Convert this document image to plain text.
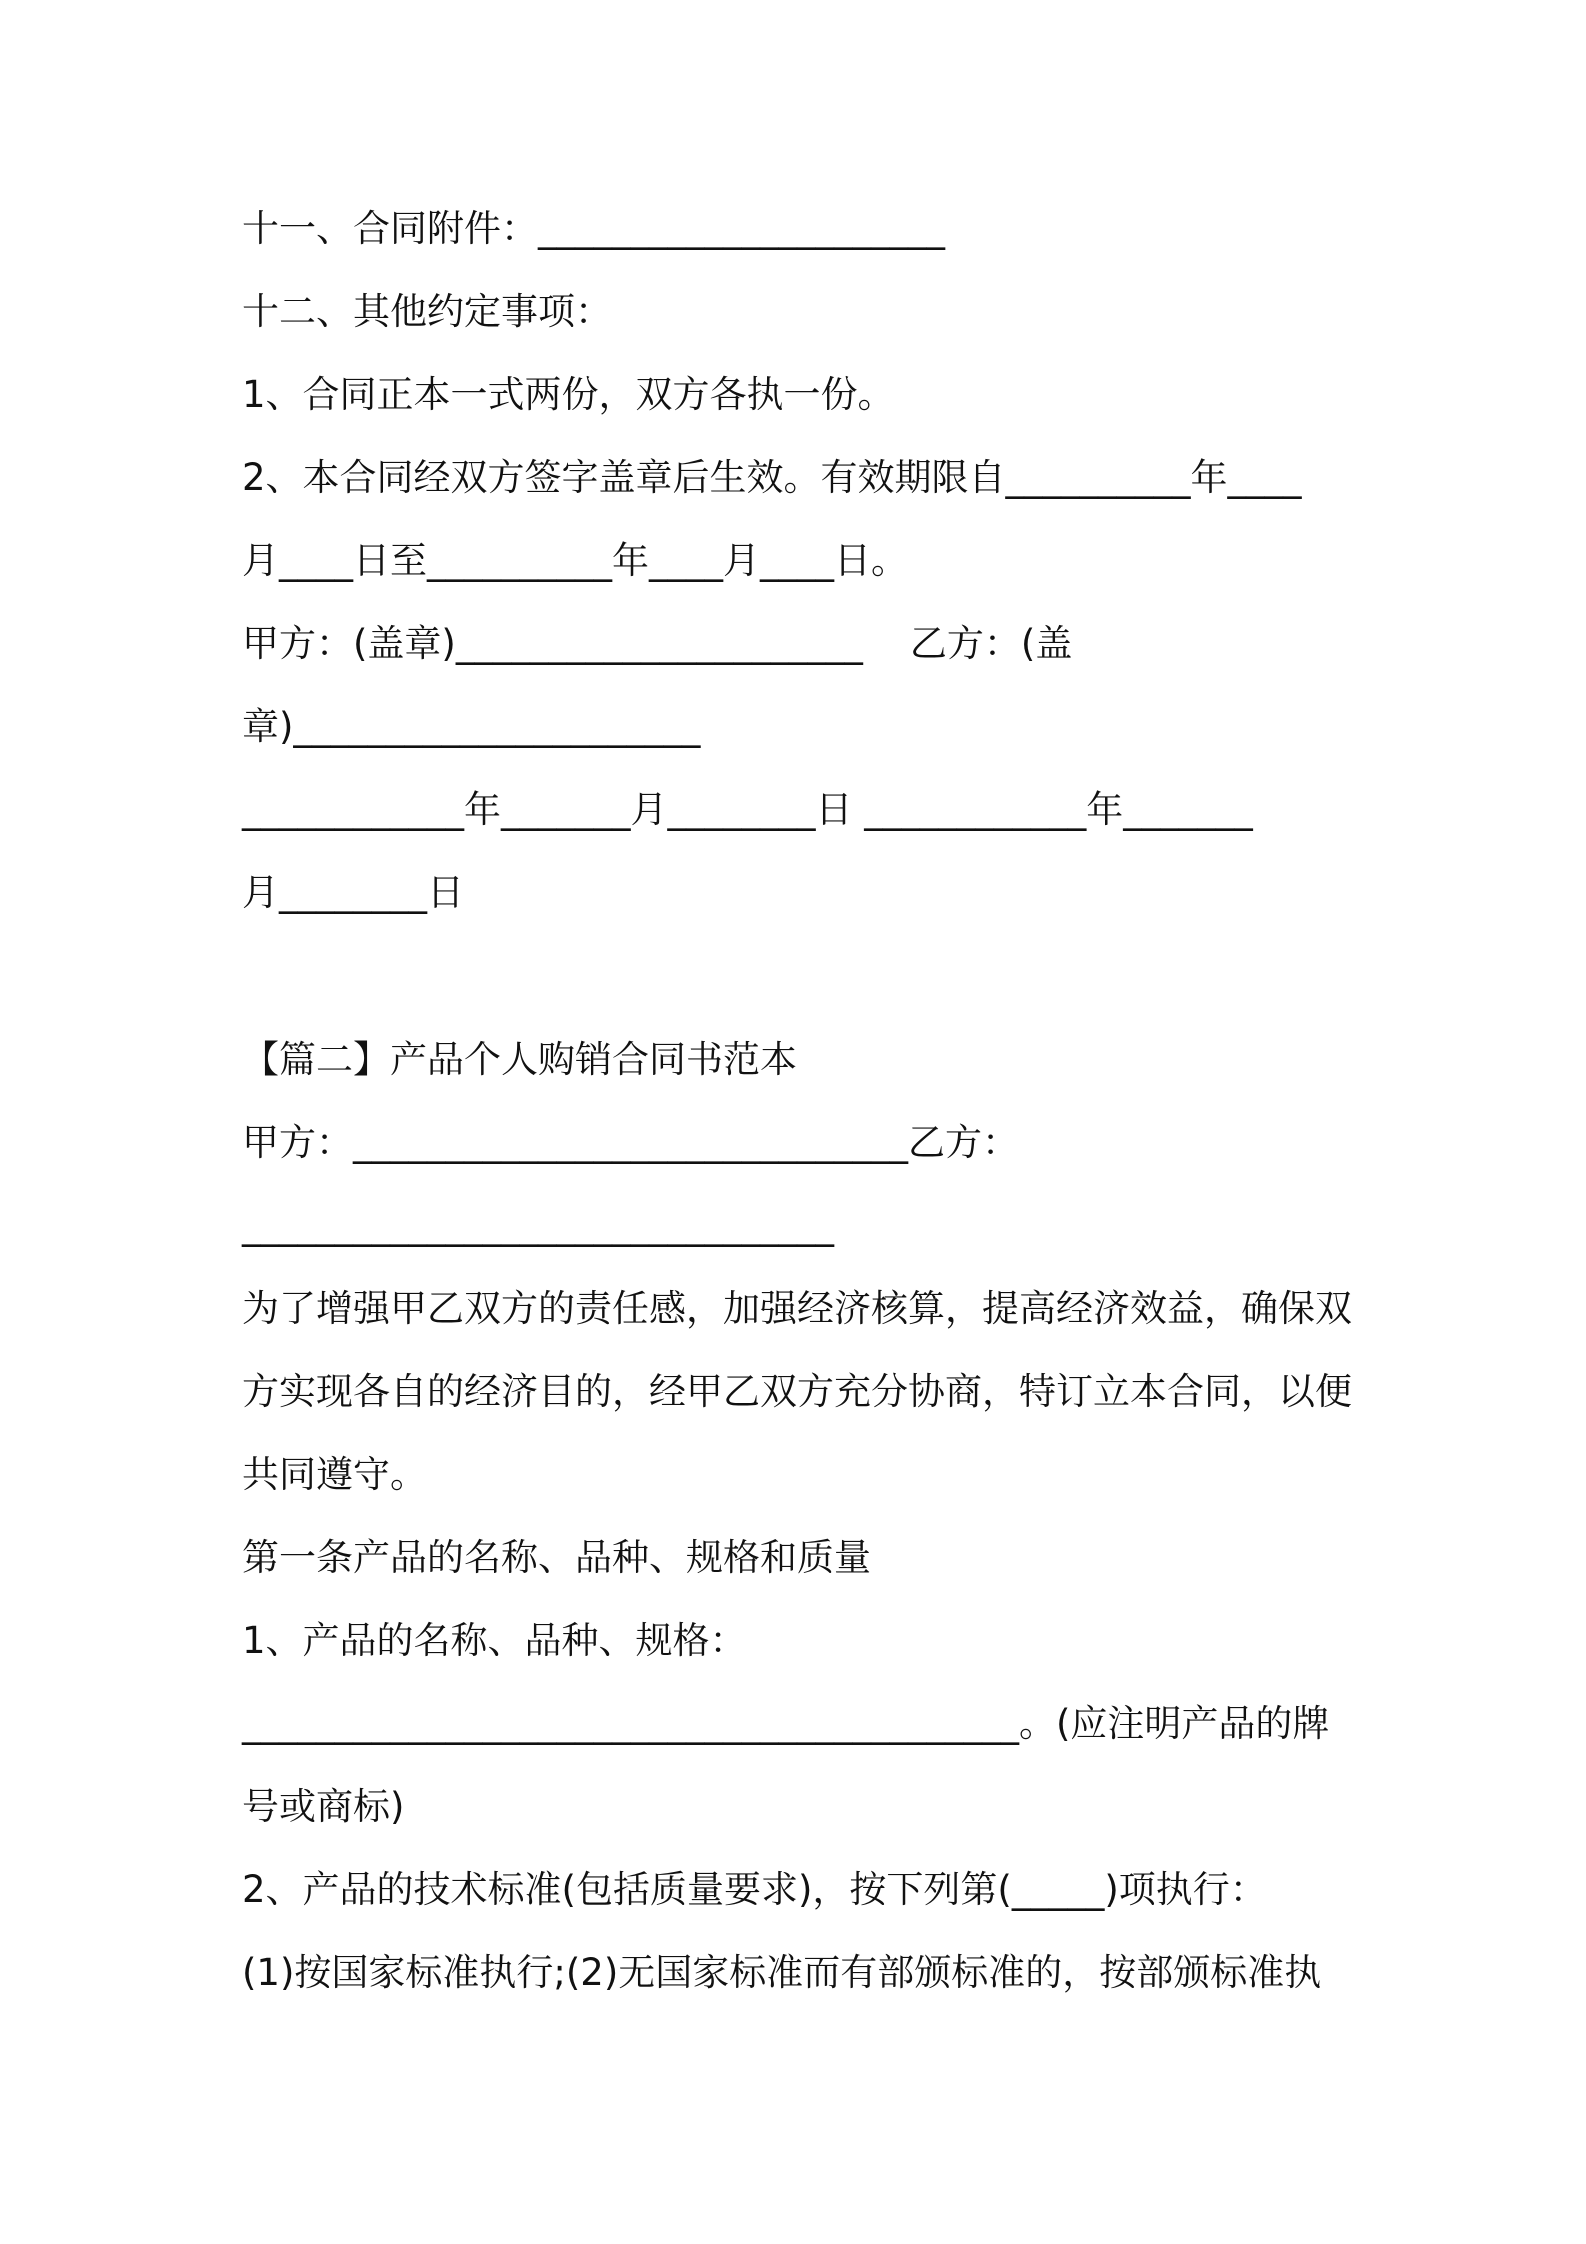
十一、合同附件：______________________

十二、其他约定事项：

1、合同正本一式两份，双方各执一份。

2、本合同经双方签字盖章后生效。有效期限自__________年____

月____日至__________年____月____日。

甲方：(盖章)______________________    乙方：(盖

章)______________________

____________年_______月________日 ____________年_______

月________日

【篇二】产品个人购销合同书范本

甲方：______________________________乙方：

________________________________

为了增强甲乙双方的责任感，加强经济核算，提高经济效益，确保双

方实现各自的经济目的，经甲乙双方充分协商，特订立本合同，以便

共同遵守。

第一条产品的名称、品种、规格和质量

1、产品的名称、品种、规格：

__________________________________________。(应注明产品的牌

号或商标)

2、产品的技术标准(包括质量要求)，按下列第(_____)项执行：

(1)按国家标准执行;(2)无国家标准而有部颁标准的，按部颁标准执
